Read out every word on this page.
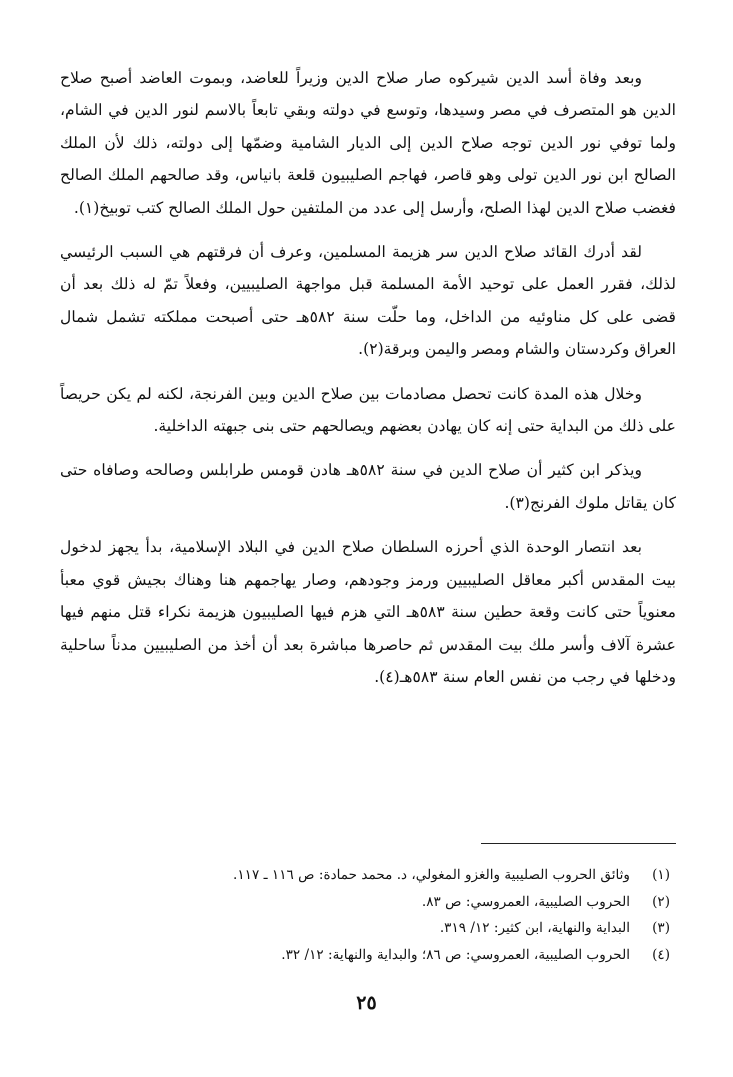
وبعد وفاة أسد الدين شيركوه صار صلاح الدين وزيراً للعاضد، وبموت العاضد أصبح صلاح الدين هو المتصرف في مصر وسيدها، وتوسع في دولته وبقي تابعاً بالاسم لنور الدين في الشام، ولما توفي نور الدين توجه صلاح الدين إلى الديار الشامية وضمّها إلى دولته، ذلك لأن الملك الصالح ابن نور الدين تولى وهو قاصر، فهاجم الصليبيون قلعة بانياس، وقد صالحهم الملك الصالح فغضب صلاح الدين لهذا الصلح، وأرسل إلى عدد من الملتفين حول الملك الصالح كتب توبيخ(١).

لقد أدرك القائد صلاح الدين سر هزيمة المسلمين، وعرف أن فرقتهم هي السبب الرئيسي لذلك، فقرر العمل على توحيد الأمة المسلمة قبل مواجهة الصليبيين، وفعلاً تمّ له ذلك بعد أن قضى على كل مناوئيه من الداخل، وما حلّت سنة ٥٨٢هـ حتى أصبحت مملكته تشمل شمال العراق وكردستان والشام ومصر واليمن وبرقة(٢).

وخلال هذه المدة كانت تحصل مصادمات بين صلاح الدين وبين الفرنجة، لكنه لم يكن حريصاً على ذلك من البداية حتى إنه كان يهادن بعضهم ويصالحهم حتى بنى جبهته الداخلية.

ويذكر ابن كثير أن صلاح الدين في سنة ٥٨٢هـ هادن قومس طرابلس وصالحه وصافاه حتى كان يقاتل ملوك الفرنج(٣).

بعد انتصار الوحدة الذي أحرزه السلطان صلاح الدين في البلاد الإسلامية، بدأ يجهز لدخول بيت المقدس أكبر معاقل الصليبيين ورمز وجودهم، وصار يهاجمهم هنا وهناك بجيش قوي معبأ معنوياً حتى كانت وقعة حطين سنة ٥٨٣هـ التي هزم فيها الصليبيون هزيمة نكراء قتل منهم فيها عشرة آلاف وأسر ملك بيت المقدس ثم حاصرها مباشرة بعد أن أخذ من الصليبيين مدناً ساحلية ودخلها في رجب من نفس العام سنة ٥٨٣هـ(٤).

(١)وثائق الحروب الصليبية والغزو المغولي، د. محمد حمادة: ص ١١٦ ـ ١١٧.
(٢)الحروب الصليبية، العمروسي: ص ٨٣.
(٣)البداية والنهاية، ابن كثير: ١٢/ ٣١٩.
(٤)الحروب الصليبية، العمروسي: ص ٨٦؛ والبداية والنهاية: ١٢/ ٣٢.
٢٥
